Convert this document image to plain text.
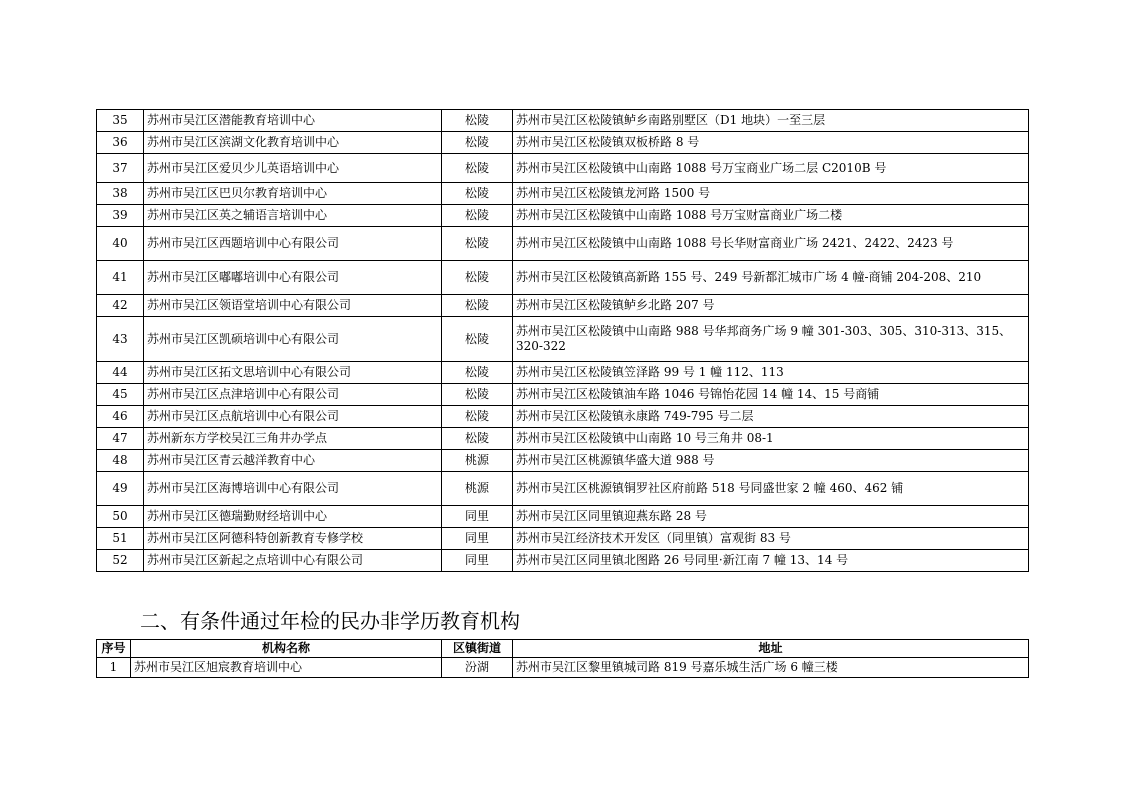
35	苏州市吴江区潜能教育培训中心	松陵	苏州市吴江区松陵镇鲈乡南路别墅区（D1 地块）一至三层
36	苏州市吴江区滨湖文化教育培训中心	松陵	苏州市吴江区松陵镇双板桥路 8 号
37	苏州市吴江区爱贝少儿英语培训中心	松陵	苏州市吴江区松陵镇中山南路 1088 号万宝商业广场二层 C2010B 号
38	苏州市吴江区巴贝尔教育培训中心	松陵	苏州市吴江区松陵镇龙河路 1500 号
39	苏州市吴江区英之辅语言培训中心	松陵	苏州市吴江区松陵镇中山南路 1088 号万宝财富商业广场二楼
40	苏州市吴江区西题培训中心有限公司	松陵	苏州市吴江区松陵镇中山南路 1088 号长华财富商业广场 2421、2422、2423 号
41	苏州市吴江区嘟嘟培训中心有限公司	松陵	苏州市吴江区松陵镇高新路 155 号、249 号新都汇城市广场 4 幢-商铺 204-208、210
42	苏州市吴江区领语堂培训中心有限公司	松陵	苏州市吴江区松陵镇鲈乡北路 207 号
43	苏州市吴江区凯硕培训中心有限公司	松陵	苏州市吴江区松陵镇中山南路 988 号华邦商务广场 9 幢 301-303、305、310-313、315、320-322
44	苏州市吴江区拓文思培训中心有限公司	松陵	苏州市吴江区松陵镇笠泽路 99 号 1 幢 112、113
45	苏州市吴江区点津培训中心有限公司	松陵	苏州市吴江区松陵镇油车路 1046 号锦怡花园 14 幢 14、15 号商铺
46	苏州市吴江区点航培训中心有限公司	松陵	苏州市吴江区松陵镇永康路 749-795 号二层
47	苏州新东方学校吴江三角井办学点	松陵	苏州市吴江区松陵镇中山南路 10 号三角井 08-1
48	苏州市吴江区青云越洋教育中心	桃源	苏州市吴江区桃源镇华盛大道 988 号
49	苏州市吴江区海博培训中心有限公司	桃源	苏州市吴江区桃源镇铜罗社区府前路 518 号同盛世家 2 幢 460、462 铺
50	苏州市吴江区德瑞勤财经培训中心	同里	苏州市吴江区同里镇迎燕东路 28 号
51	苏州市吴江区阿德科特创新教育专修学校	同里	苏州市吴江经济技术开发区（同里镇）富观街 83 号
52	苏州市吴江区新起之点培训中心有限公司	同里	苏州市吴江区同里镇北图路 26 号同里·新江南 7 幢 13、14 号
二、有条件通过年检的民办非学历教育机构
序号	机构名称	区镇街道	地址
1	苏州市吴江区旭宸教育培训中心	汾湖	苏州市吴江区黎里镇城司路 819 号嘉乐城生活广场 6 幢三楼
